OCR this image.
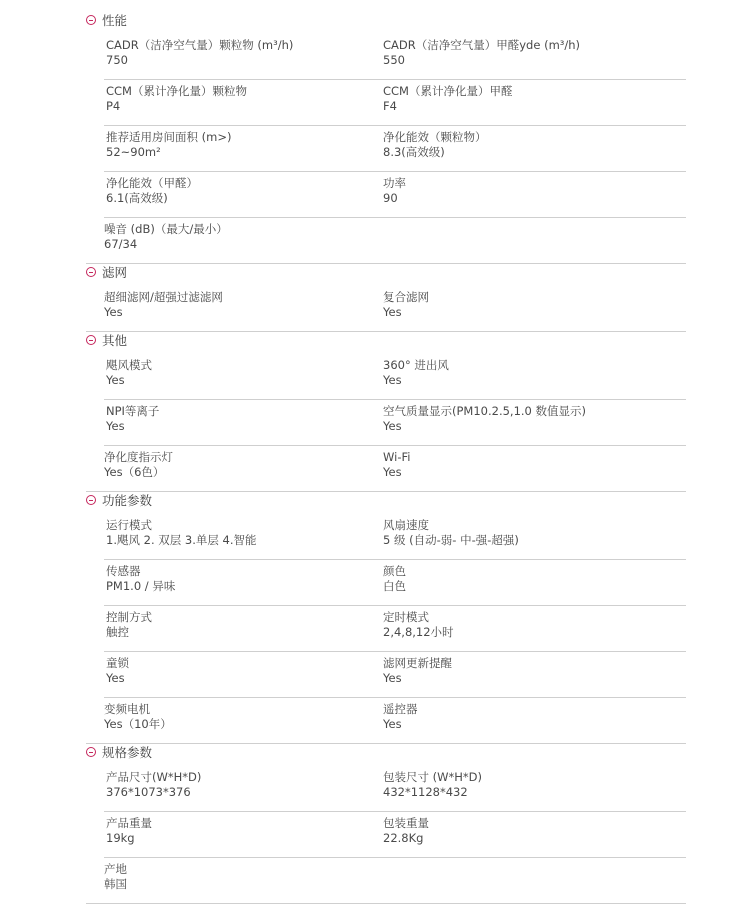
性能
CADR（洁净空气量）颗粒物 (m³/h)
750
CADR（洁净空气量）甲醛yde (m³/h)
550
CCM（累计净化量）颗粒物
P4
CCM（累计净化量）甲醛
F4
推荐适用房间面积 (m>)
52~90m²
净化能效（颗粒物）
8.3(高效级)
净化能效（甲醛）
6.1(高效级)
功率
90
噪音 (dB)（最大/最小）
67/34
滤网
超细滤网/超强过滤滤网
Yes
复合滤网
Yes
其他
飓风模式
Yes
360° 进出风
Yes
NPI等离子
Yes
空气质量显示(PM10.2.5,1.0 数值显示)
Yes
净化度指示灯
Yes（6色）
Wi-Fi
Yes
功能参数
运行模式
1.飓风 2. 双层 3.单层 4.智能
风扇速度
5 级 (自动-弱- 中-强-超强)
传感器
PM1.0 / 异味
颜色
白色
控制方式
触控
定时模式
2,4,8,12小时
童锁
Yes
滤网更新提醒
Yes
变频电机
Yes（10年）
遥控器
Yes
规格参数
产品尺寸(W*H*D)
376*1073*376
包装尺寸 (W*H*D)
432*1128*432
产品重量
19kg
包装重量
22.8Kg
产地
韩国
